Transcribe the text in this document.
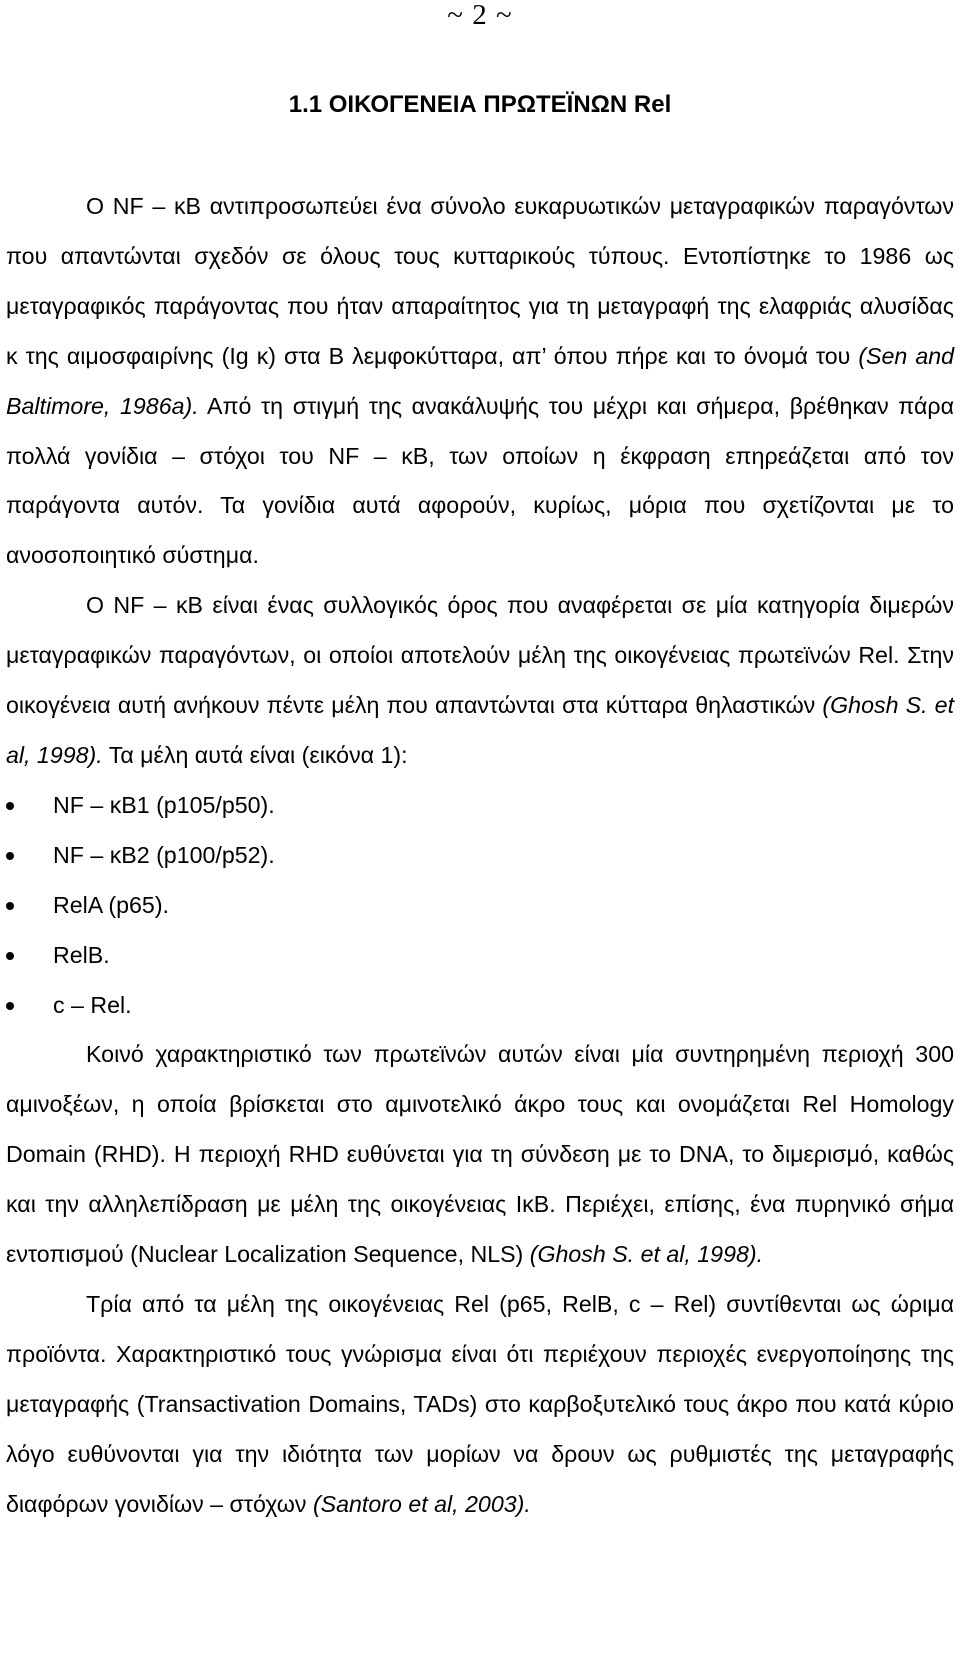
~ 2 ~
1.1 ΟΙΚΟΓΕΝΕΙΑ ΠΡΩΤΕΪΝΩΝ Rel

Ο NF – κB αντιπροσωπεύει ένα σύνολο ευκαρυωτικών μεταγραφικών παραγόντων που απαντώνται σχεδόν σε όλους τους κυτταρικούς τύπους. Εντοπίστηκε το 1986 ως μεταγραφικός παράγοντας που ήταν απαραίτητος για τη μεταγραφή της ελαφριάς αλυσίδας κ της αιμοσφαιρίνης (Ig κ) στα Β λεμφοκύτταρα, απ’ όπου πήρε και το όνομά του (Sen and Baltimore, 1986a). Από τη στιγμή της ανακάλυψής του μέχρι και σήμερα, βρέθηκαν πάρα πολλά γονίδια – στόχοι του NF – κB, των οποίων η έκφραση επηρεάζεται από τον παράγοντα αυτόν. Τα γονίδια αυτά αφορούν, κυρίως, μόρια που σχετίζονται με το ανοσοποιητικό σύστημα.

Ο NF – κB είναι ένας συλλογικός όρος που αναφέρεται σε μία κατηγορία διμερών μεταγραφικών παραγόντων, οι οποίοι αποτελούν μέλη της οικογένειας πρωτεϊνών Rel. Στην οικογένεια αυτή ανήκουν πέντε μέλη που απαντώνται στα κύτταρα θηλαστικών (Ghosh S. et al, 1998). Τα μέλη αυτά είναι (εικόνα 1):

NF – κB1 (p105/p50).
NF – κB2 (p100/p52).
RelA (p65).
RelB.
c – Rel.

Κοινό χαρακτηριστικό των πρωτεϊνών αυτών είναι μία συντηρημένη περιοχή 300 αμινοξέων, η οποία βρίσκεται στο αμινοτελικό άκρο τους και ονομάζεται Rel Homology Domain (RHD). Η περιοχή RHD ευθύνεται για τη σύνδεση με το DNA, το διμερισμό, καθώς και την αλληλεπίδραση με μέλη της οικογένειας IκB. Περιέχει, επίσης, ένα πυρηνικό σήμα εντοπισμού (Nuclear Localization Sequence, NLS) (Ghosh S. et al, 1998).

Τρία από τα μέλη της οικογένειας Rel (p65, RelB, c – Rel) συντίθενται ως ώριμα προϊόντα. Χαρακτηριστικό τους γνώρισμα είναι ότι περιέχουν περιοχές ενεργοποίησης της μεταγραφής (Transactivation Domains, TADs) στο καρβοξυτελικό τους άκρο που κατά κύριο λόγο ευθύνονται για την ιδιότητα των μορίων να δρουν ως ρυθμιστές της μεταγραφής διαφόρων γονιδίων – στόχων (Santoro et al, 2003).
